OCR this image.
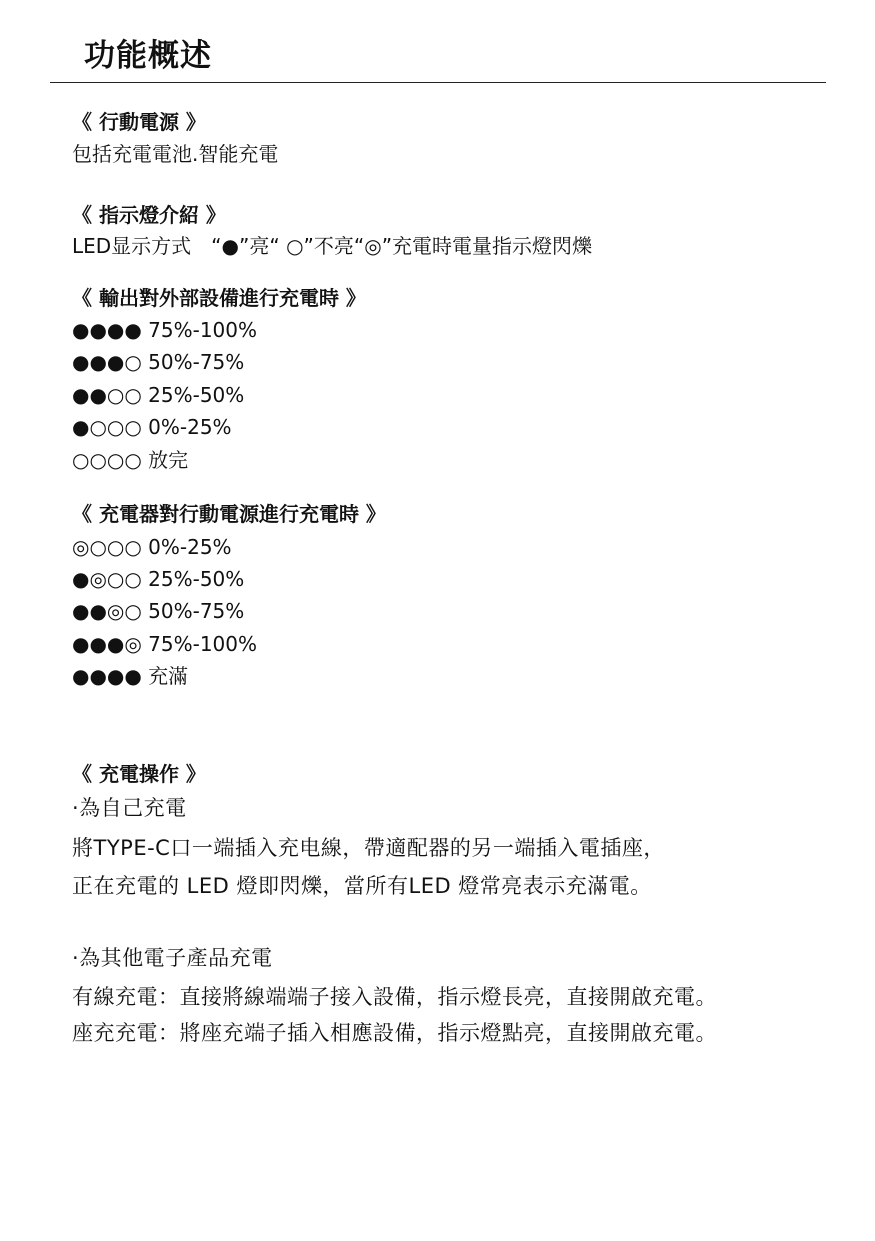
功能概述
《 行動電源 》
包括充電電池.智能充電
《 指示燈介紹 》
LED显示方式　“●”亮“ ○”不亮“◎”充電時電量指示燈閃爍
《 輸出對外部設備進行充電時 》
●●●● 75%-100%
●●●○ 50%-75%
●●○○ 25%-50%
●○○○ 0%-25%
○○○○ 放完
《 充電器對行動電源進行充電時 》
◎○○○ 0%-25%
●◎○○ 25%-50%
●●◎○ 50%-75%
●●●◎ 75%-100%
●●●● 充滿
《 充電操作 》
·為自己充電
將TYPE-C口一端插入充电線，帶適配器的另一端插入電插座，
正在充電的 LED 燈即閃爍，當所有LED 燈常亮表示充滿電。
·為其他電子產品充電
有線充電：直接將線端端子接入設備，指示燈長亮，直接開啟充電。
座充充電：將座充端子插入相應設備，指示燈點亮，直接開啟充電。
